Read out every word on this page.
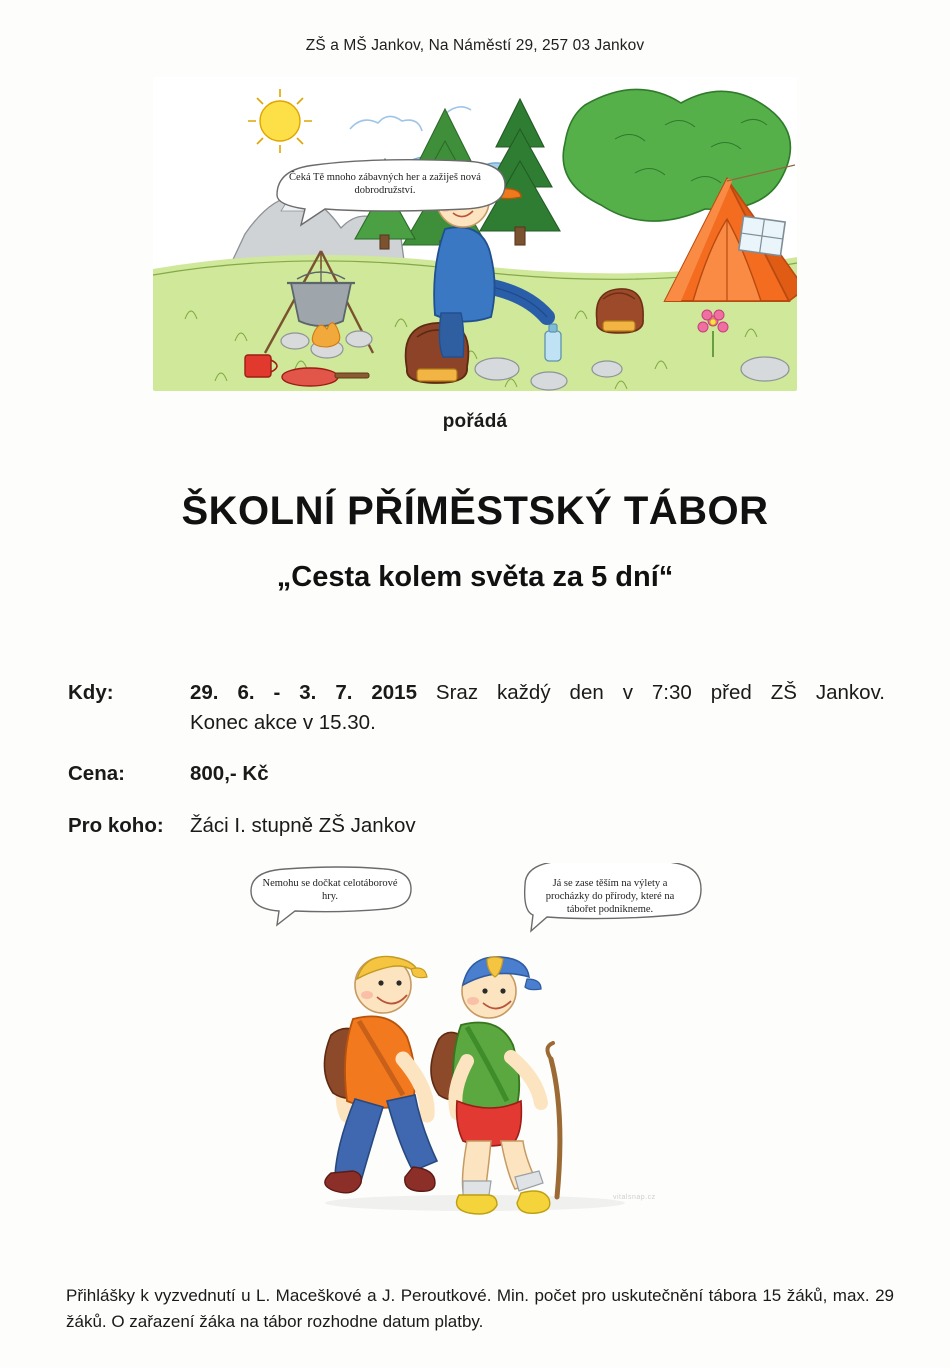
ZŠ a MŠ Jankov, Na Náměstí 29, 257 03 Jankov
Čeká Tě mnoho zábavných her a zažiješ nová dobrodružství.
pořádá
ŠKOLNÍ PŘÍMĚSTSKÝ TÁBOR
„Cesta kolem světa za 5 dní“
Kdy:	29. 6. - 3. 7. 2015 Sraz každý den v 7:30 před ZŠ Jankov.
Konec akce v 15.30.
Cena:	800,- Kč
Pro koho:	Žáci I. stupně ZŠ Jankov
Nemohu se dočkat celotáborové hry.
Já se zase těším na výlety a procházky do přírody, které na tábořet podnikneme.
vitalsnap.cz
Přihlášky k vyzvednutí u L. Maceškové a J. Peroutkové. Min. počet pro uskutečnění tábora 15 žáků, max. 29 žáků. O zařazení žáka na tábor rozhodne datum platby.
